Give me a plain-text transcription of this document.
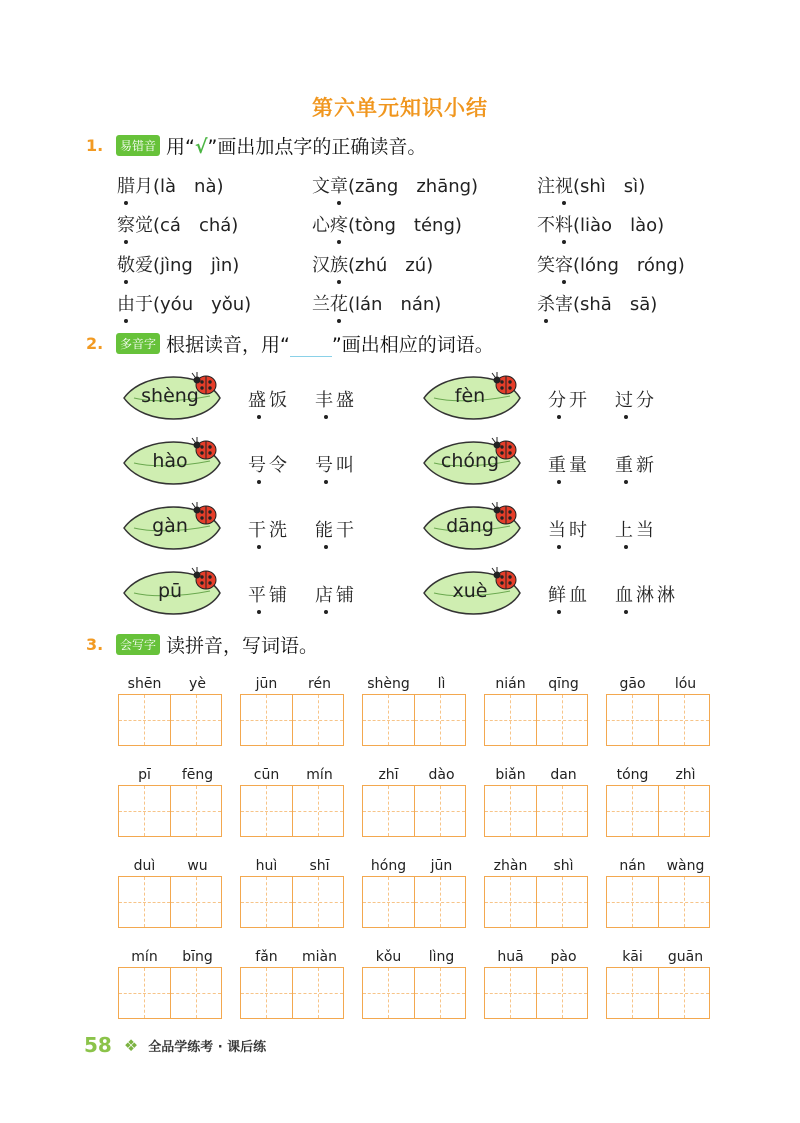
第六单元知识小结
1.	易错音 用“√”画出加点字的正确读音。
腊月(là　nà)	文章(zāng　zhāng)	注视(shì　sì)
察觉(cá　chá)	心疼(tòng　téng)	不料(liào　lào)
敬爱(jìng　jìn)	汉族(zhú　zú)	笑容(lóng　róng)
由于(yóu　yǒu)	兰花(lán　nán)	杀害(shā　sā)
2.	多音字 根据读音，用“ ”画出相应的词语。
shèng	盛饭 丰盛	fèn	分开 过分
hào	号令 号叫	chóng	重量 重新
gàn	干洗 能干	dāng	当时 上当
pū	平铺 店铺	xuè	鲜血 血淋淋
3.	会写字 读拼音，写词语。
shēn	yè	jūn	rén	shèng	lì	nián	qīng	gāo	lóu
pī	fēng	cūn	mín	zhī	dào	biǎn	dan	tóng	zhì
duì	wu	huì	shī	hóng	jūn	zhàn	shì	nán	wàng
mín	bīng	fǎn	miàn	kǒu	lìng	huā	pào	kāi	guān
58 ❖ 全品学练考 · 课后练
